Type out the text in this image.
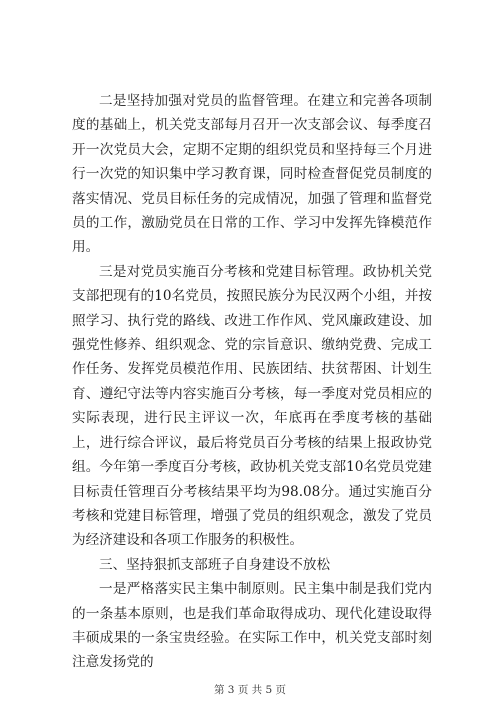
二是坚持加强对党员的监督管理。在建立和完善各项制度的基础上，机关党支部每月召开一次支部会议、每季度召开一次党员大会，定期不定期的组织党员和坚持每三个月进行一次党的知识集中学习教育课，同时检查督促党员制度的落实情况、党员目标任务的完成情况，加强了管理和监督党员的工作，激励党员在日常的工作、学习中发挥先锋模范作用。

三是对党员实施百分考核和党建目标管理。政协机关党支部把现有的10名党员，按照民族分为民汉两个小组，并按照学习、执行党的路线、改进工作作风、党风廉政建设、加强党性修养、组织观念、党的宗旨意识、缴纳党费、完成工作任务、发挥党员模范作用、民族团结、扶贫帮困、计划生育、遵纪守法等内容实施百分考核，每一季度对党员相应的实际表现，进行民主评议一次，年底再在季度考核的基础上，进行综合评议，最后将党员百分考核的结果上报政协党组。今年第一季度百分考核，政协机关党支部10名党员党建目标责任管理百分考核结果平均为98.08分。通过实施百分考核和党建目标管理，增强了党员的组织观念，激发了党员为经济建设和各项工作服务的积极性。

三、坚持狠抓支部班子自身建设不放松

一是严格落实民主集中制原则。民主集中制是我们党内的一条基本原则，也是我们革命取得成功、现代化建设取得丰硕成果的一条宝贵经验。在实际工作中，机关党支部时刻注意发扬党的

第 3 页 共 5 页
